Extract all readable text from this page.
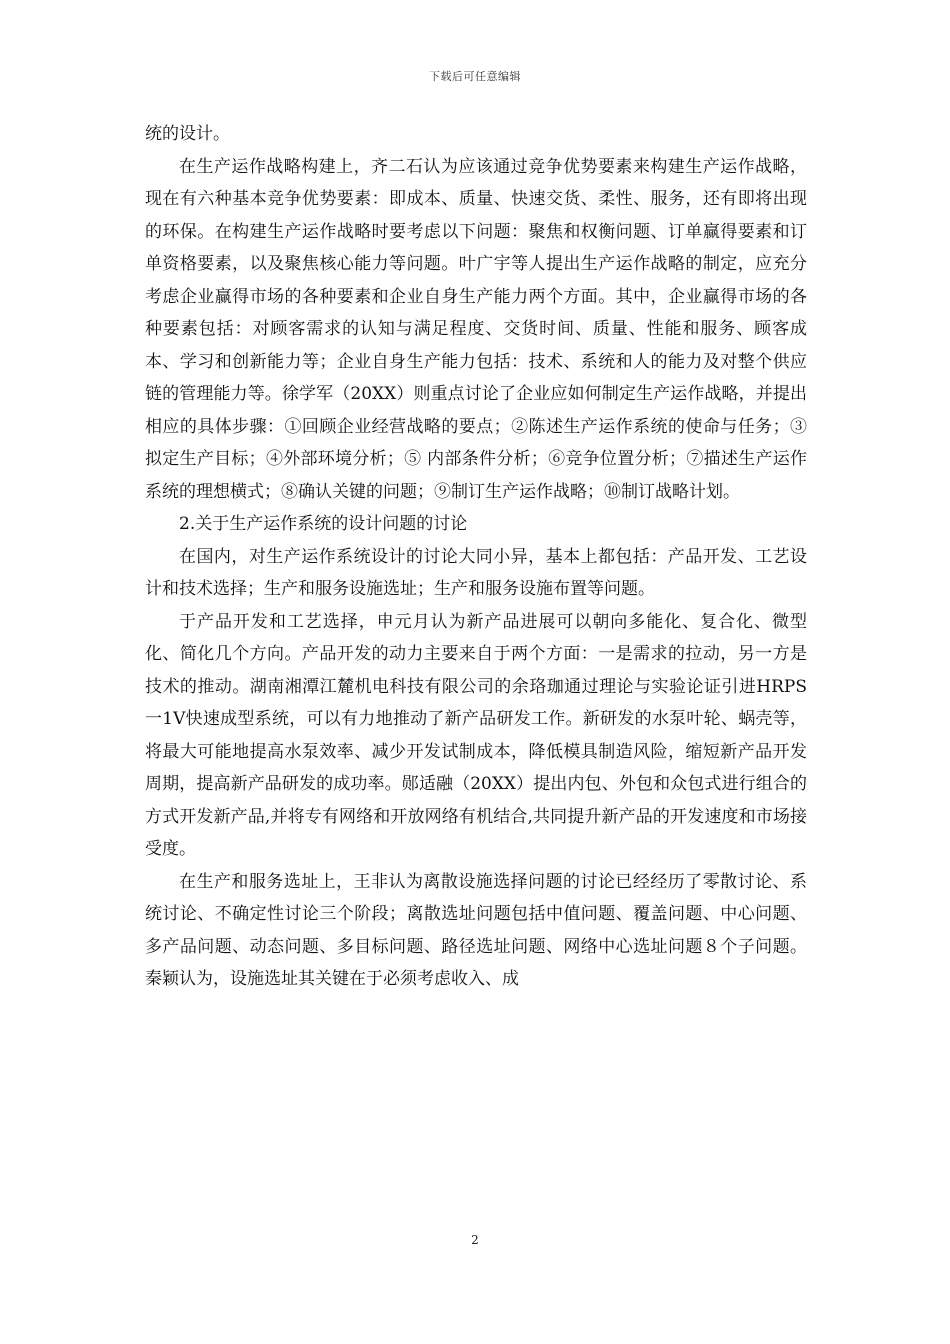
下载后可任意编辑

统的设计。

在生产运作战略构建上，齐二石认为应该通过竞争优势要素来构建生产运作战略，现在有六种基本竞争优势要素：即成本、质量、快速交货、柔性、服务，还有即将出现的环保。在构建生产运作战略时要考虑以下问题：聚焦和权衡问题、订单赢得要素和订单资格要素，以及聚焦核心能力等问题。叶广宇等人提出生产运作战略的制定，应充分考虑企业赢得市场的各种要素和企业自身生产能力两个方面。其中，企业赢得市场的各种要素包括：对顾客需求的认知与满足程度、交货时间、质量、性能和服务、顾客成本、学习和创新能力等；企业自身生产能力包括：技术、系统和人的能力及对整个供应链的管理能力等。徐学军（20XX）则重点讨论了企业应如何制定生产运作战略，并提出相应的具体步骤：①回顾企业经营战略的要点；②陈述生产运作系统的使命与任务；③拟定生产目标；④外部环境分析；⑤ 内部条件分析；⑥竞争位置分析；⑦描述生产运作系统的理想横式；⑧确认关键的问题；⑨制订生产运作战略；⑩制订战略计划。

2.关于生产运作系统的设计问题的讨论

在国内，对生产运作系统设计的讨论大同小异，基本上都包括：产品开发、工艺设计和技术选择；生产和服务设施选址；生产和服务设施布置等问题。

于产品开发和工艺选择，申元月认为新产品进展可以朝向多能化、复合化、微型化、简化几个方向。产品开发的动力主要来自于两个方面：一是需求的拉动，另一方是技术的推动。湖南湘潭江麓机电科技有限公司的余珞珈通过理论与实验论证引进HRPS一1V快速成型系统，可以有力地推动了新产品研发工作。新研发的水泵叶轮、蜗壳等，将最大可能地提高水泵效率、减少开发试制成本，降低模具制造风险，缩短新产品开发周期，提高新产品研发的成功率。郧适融（20XX）提出内包、外包和众包式进行组合的方式开发新产品,并将专有网络和开放网络有机结合,共同提升新产品的开发速度和市场接受度。

在生产和服务选址上，王非认为离散设施选择问题的讨论已经经历了零散讨论、系统讨论、不确定性讨论三个阶段；离散选址问题包括中值问题、覆盖问题、中心问题、多产品问题、动态问题、多目标问题、路径选址问题、网络中心选址问题８个子问题。秦颖认为，设施选址其关键在于必须考虑收入、成

2
